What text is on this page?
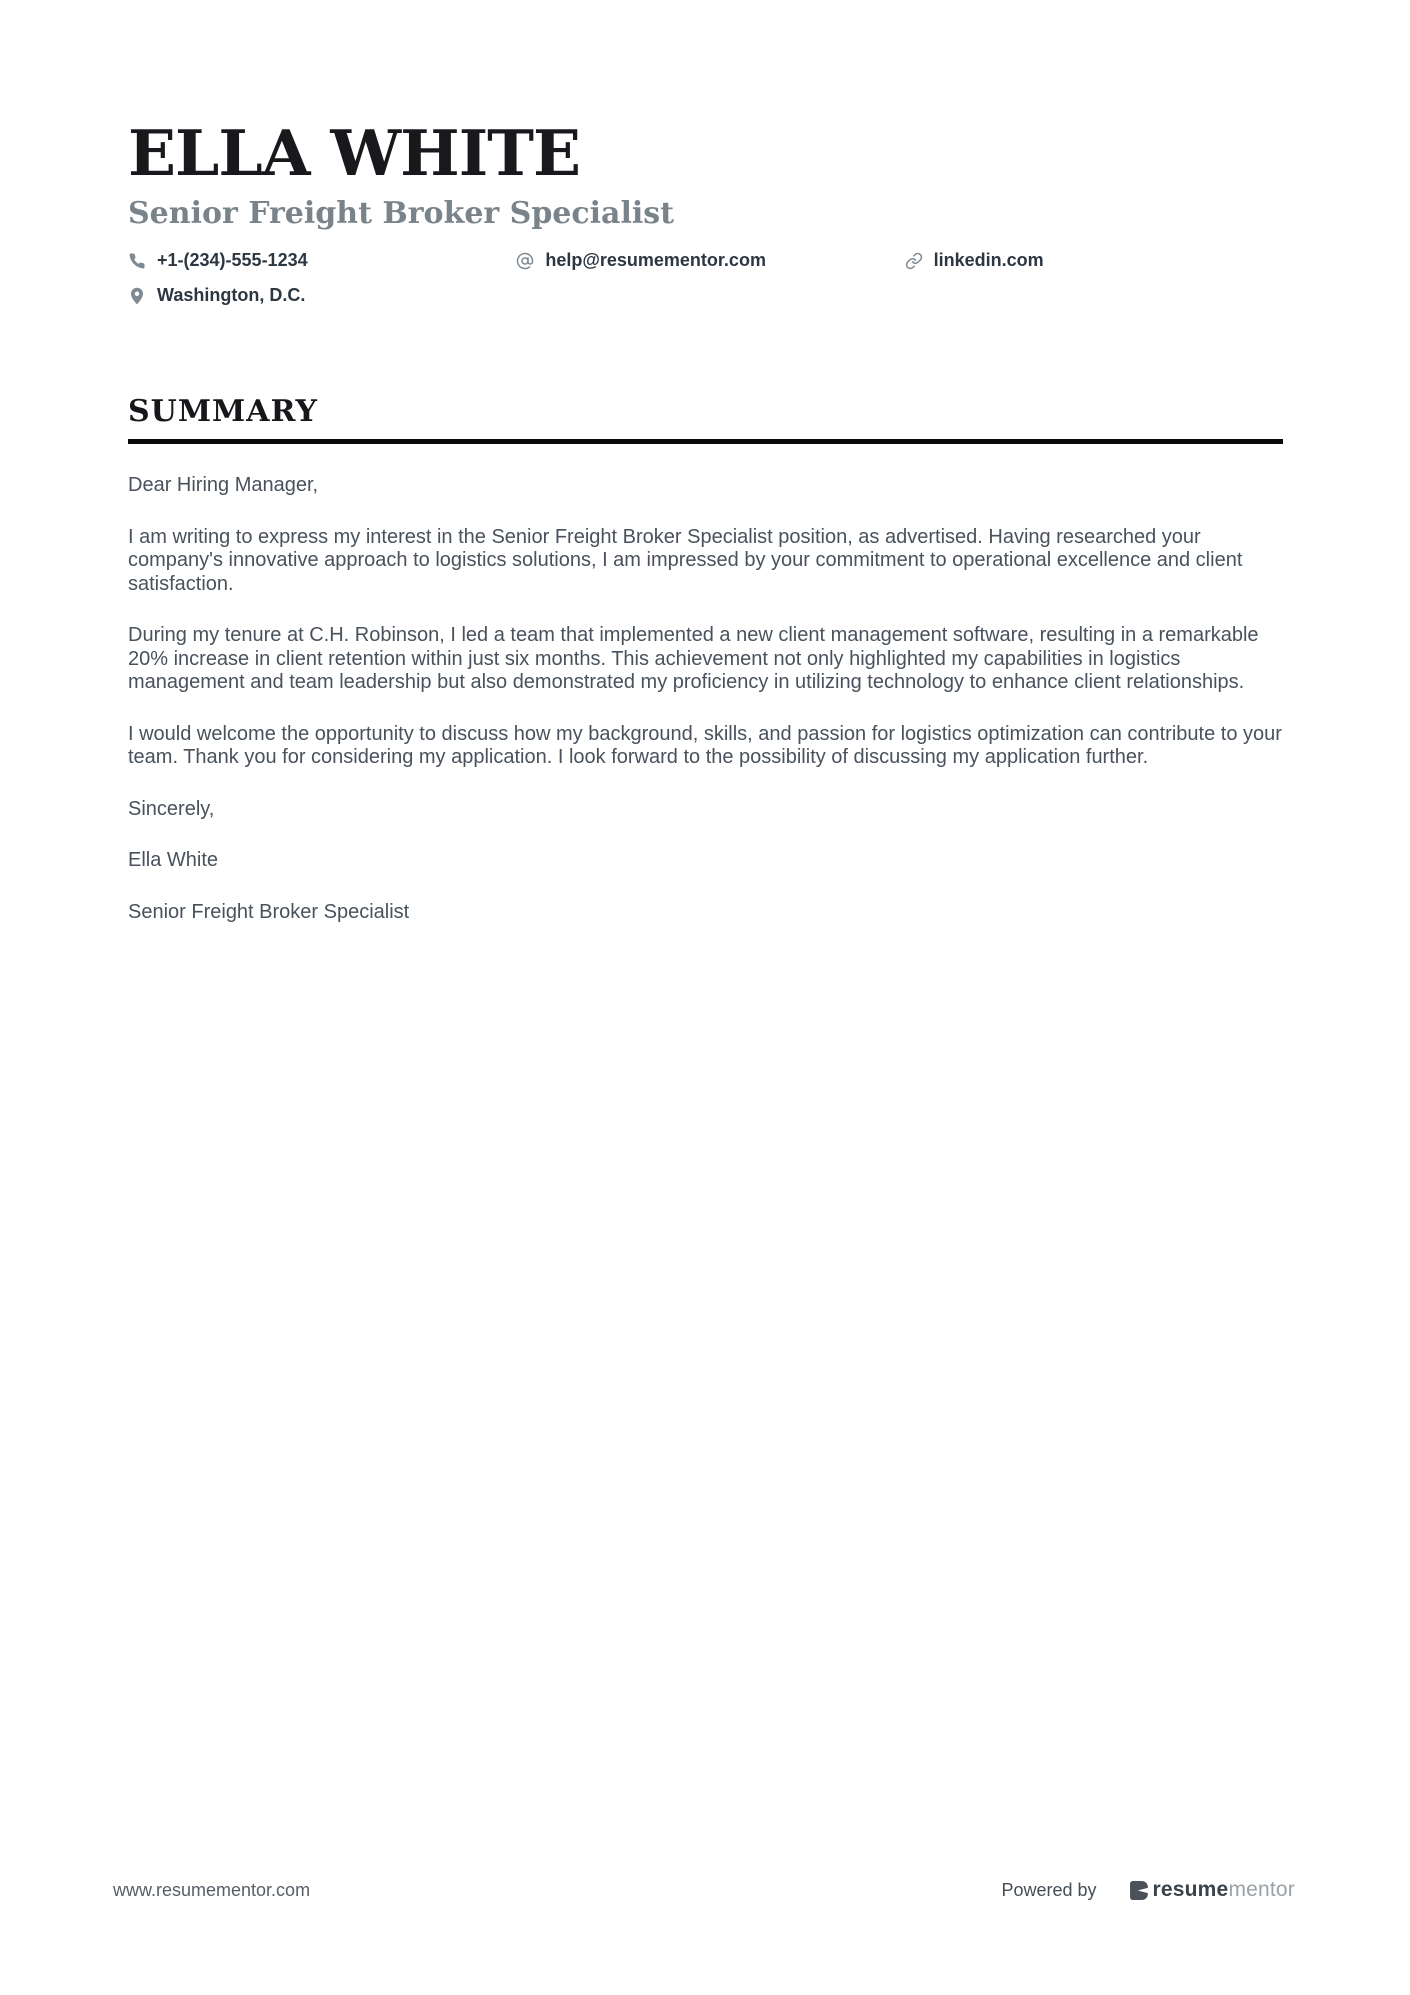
ELLA WHITE
Senior Freight Broker Specialist
+1-(234)-555-1234	help@resumementor.com	linkedin.com
Washington, D.C.
SUMMARY

Dear Hiring Manager,

I am writing to express my interest in the Senior Freight Broker Specialist position, as advertised. Having researched your company's innovative approach to logistics solutions, I am impressed by your commitment to operational excellence and client satisfaction.

During my tenure at C.H. Robinson, I led a team that implemented a new client management software, resulting in a remarkable 20% increase in client retention within just six months. This achievement not only highlighted my capabilities in logistics management and team leadership but also demonstrated my proficiency in utilizing technology to enhance client relationships.

I would welcome the opportunity to discuss how my background, skills, and passion for logistics optimization can contribute to your team. Thank you for considering my application. I look forward to the possibility of discussing my application further.

Sincerely,

Ella White

Senior Freight Broker Specialist

www.resumementor.com	Powered by	resumementor
